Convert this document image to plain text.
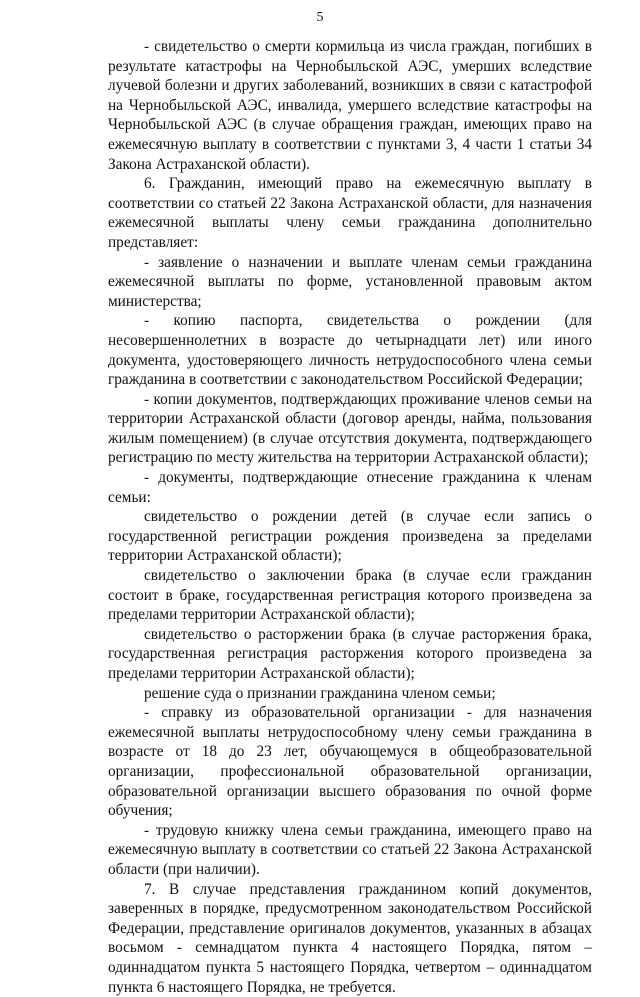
5

- свидетельство о смерти кормильца из числа граждан, погибших в результате катастрофы на Чернобыльской АЭС, умерших вследствие лучевой болезни и других заболеваний, возникших в связи с катастрофой на Чернобыльской АЭС, инвалида, умершего вследствие катастрофы на Чернобыльской АЭС (в случае обращения граждан, имеющих право на ежемесячную выплату в соответствии с пунктами 3, 4 части 1 статьи 34 Закона Астраханской области).

6. Гражданин, имеющий право на ежемесячную выплату в соответствии со статьей 22 Закона Астраханской области, для назначения ежемесячной выплаты члену семьи гражданина дополнительно представляет:

- заявление о назначении и выплате членам семьи гражданина ежемесячной выплаты по форме, установленной правовым актом министерства;

- копию паспорта, свидетельства о рождении (для несовершеннолетних в возрасте до четырнадцати лет) или иного документа, удостоверяющего личность нетрудоспособного члена семьи гражданина в соответствии с законодательством Российской Федерации;

- копии документов, подтверждающих проживание членов семьи на территории Астраханской области (договор аренды, найма, пользования жилым помещением) (в случае отсутствия документа, подтверждающего регистрацию по месту жительства на территории Астраханской области);

- документы, подтверждающие отнесение гражданина к членам семьи:

свидетельство о рождении детей (в случае если запись о государственной регистрации рождения произведена за пределами территории Астраханской области);

свидетельство о заключении брака (в случае если гражданин состоит в браке, государственная регистрация которого произведена за пределами территории Астраханской области);

свидетельство о расторжении брака (в случае расторжения брака, государственная регистрация расторжения которого произведена за пределами территории Астраханской области);

решение суда о признании гражданина членом семьи;

- справку из образовательной организации - для назначения ежемесячной выплаты нетрудоспособному члену семьи гражданина в возрасте от 18 до 23 лет, обучающемуся в общеобразовательной организации, профессиональной образовательной организации, образовательной организации высшего образования по очной форме обучения;

- трудовую книжку члена семьи гражданина, имеющего право на ежемесячную выплату в соответствии со статьей 22 Закона Астраханской области (при наличии).

7. В случае представления гражданином копий документов, заверенных в порядке, предусмотренном законодательством Российской Федерации, представление оригиналов документов, указанных в абзацах восьмом - семнадцатом пункта 4 настоящего Порядка, пятом – одиннадцатом пункта 5 настоящего Порядка, четвертом – одиннадцатом пункта 6 настоящего Порядка, не требуется.
